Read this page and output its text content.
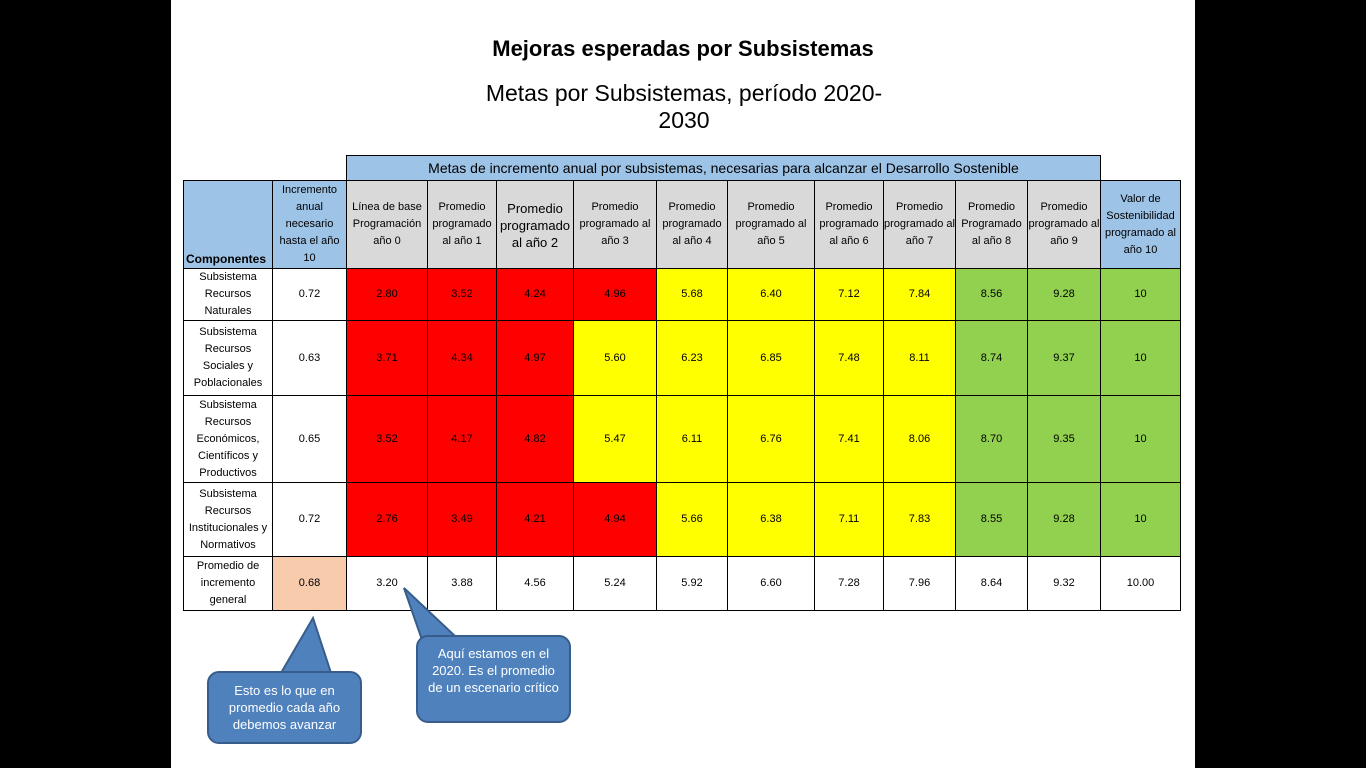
Mejoras esperadas por Subsistemas
Metas por Subsistemas, período 2020-2030
Metas de incremento anual por subsistemas, necesarias para alcanzar el Desarrollo Sostenible
Componentes	Incremento anual necesario hasta el año 10	Línea de base Programación año 0	Promedio programado al año 1	Promedio programado al año 2	Promedio programado al año 3	Promedio programado al año 4	Promedio programado al año 5	Promedio programado al año 6	Promedio programado al año 7	Promedio Programado al año 8	Promedio programado al año 9	Valor de Sostenibilidad programado al año 10
Subsistema Recursos Naturales	0.72	2.80	3.52	4.24	4.96	5.68	6.40	7.12	7.84	8.56	9.28	10
Subsistema Recursos Sociales y Poblacionales	0.63	3.71	4.34	4.97	5.60	6.23	6.85	7.48	8.11	8.74	9.37	10
Subsistema Recursos Económicos, Científicos y Productivos	0.65	3.52	4.17	4.82	5.47	6.11	6.76	7.41	8.06	8.70	9.35	10
Subsistema Recursos Institucionales y Normativos	0.72	2.76	3.49	4.21	4.94	5.66	6.38	7.11	7.83	8.55	9.28	10
Promedio de incremento general	0.68	3.20	3.88	4.56	5.24	5.92	6.60	7.28	7.96	8.64	9.32	10.00
Esto es lo que en promedio cada año debemos avanzar
Aquí estamos en el 2020. Es el promedio de un escenario crítico
